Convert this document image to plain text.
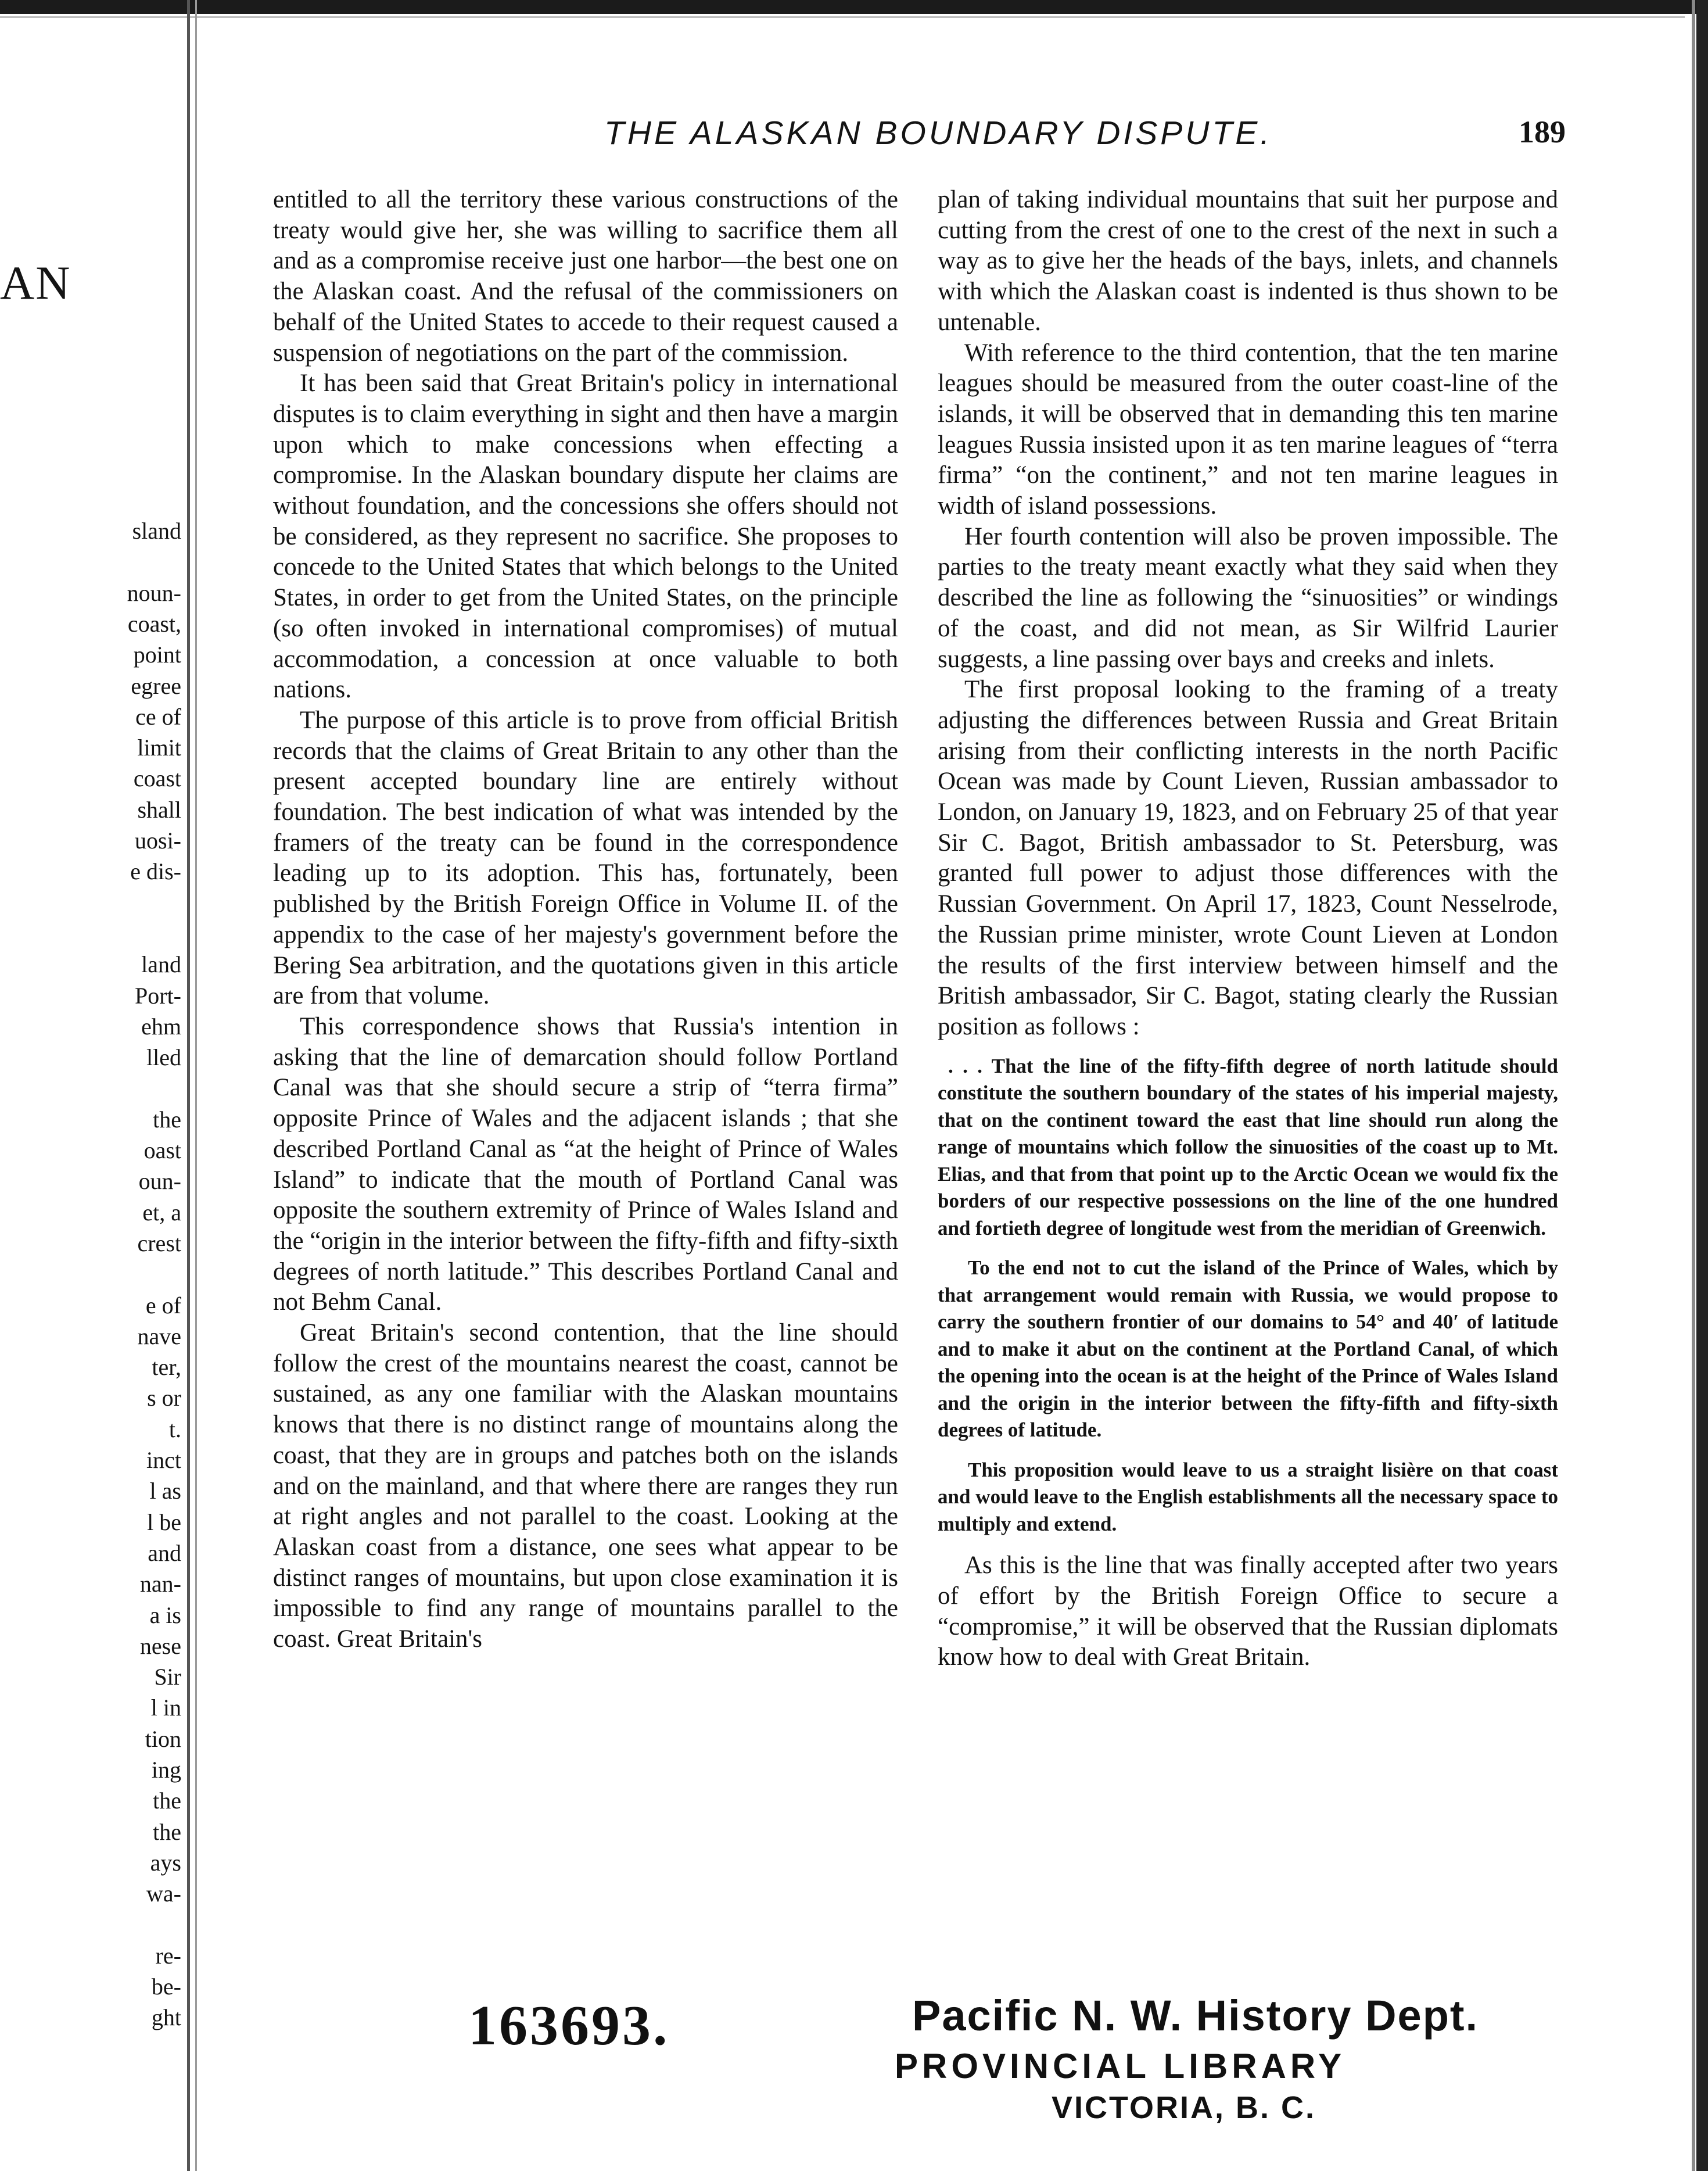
AN
sland
noun-
coast,
point
egree
ce of
limit
coast
shall
uosi-
e dis-
land
Port-
ehm
lled
the
oast
oun-
et, a
crest
e of
nave
ter,
s or
t.
inct
l as
l be
and
nan-
a is
nese
Sir
l in
tion
ing
the
the
ays
wa-
re-
be-
ght
THE ALASKAN BOUNDARY DISPUTE.	189

entitled to all the territory these various constructions of the treaty would give her, she was willing to sacrifice them all and as a compromise receive just one harbor—the best one on the Alaskan coast. And the refusal of the commissioners on behalf of the United States to accede to their request caused a suspension of negotiations on the part of the commission.

It has been said that Great Britain's policy in international disputes is to claim everything in sight and then have a margin upon which to make concessions when effecting a compromise. In the Alaskan boundary dispute her claims are without foundation, and the concessions she offers should not be considered, as they represent no sacrifice. She proposes to concede to the United States that which belongs to the United States, in order to get from the United States, on the principle (so often invoked in international compromises) of mutual accommodation, a concession at once valuable to both nations.

The purpose of this article is to prove from official British records that the claims of Great Britain to any other than the present accepted boundary line are entirely without foundation. The best indication of what was intended by the framers of the treaty can be found in the correspondence leading up to its adoption. This has, fortunately, been published by the British Foreign Office in Volume II. of the appendix to the case of her majesty's government before the Bering Sea arbitration, and the quotations given in this article are from that volume.

This correspondence shows that Russia's intention in asking that the line of demarcation should follow Portland Canal was that she should secure a strip of “terra firma” opposite Prince of Wales and the adjacent islands ; that she described Portland Canal as “at the height of Prince of Wales Island” to indicate that the mouth of Portland Canal was opposite the southern extremity of Prince of Wales Island and the “origin in the interior between the fifty-fifth and fifty-sixth degrees of north latitude.” This describes Portland Canal and not Behm Canal.

Great Britain's second contention, that the line should follow the crest of the mountains nearest the coast, cannot be sustained, as any one familiar with the Alaskan mountains knows that there is no distinct range of mountains along the coast, that they are in groups and patches both on the islands and on the mainland, and that where there are ranges they run at right angles and not parallel to the coast. Looking at the Alaskan coast from a distance, one sees what appear to be distinct ranges of mountains, but upon close examination it is impossible to find any range of mountains parallel to the coast. Great Britain's

plan of taking individual mountains that suit her purpose and cutting from the crest of one to the crest of the next in such a way as to give her the heads of the bays, inlets, and channels with which the Alaskan coast is indented is thus shown to be untenable.

With reference to the third contention, that the ten marine leagues should be measured from the outer coast-line of the islands, it will be observed that in demanding this ten marine leagues Russia insisted upon it as ten marine leagues of “terra firma” “on the continent,” and not ten marine leagues in width of island possessions.

Her fourth contention will also be proven impossible. The parties to the treaty meant exactly what they said when they described the line as following the “sinuosities” or windings of the coast, and did not mean, as Sir Wilfrid Laurier suggests, a line passing over bays and creeks and inlets.

The first proposal looking to the framing of a treaty adjusting the differences between Russia and Great Britain arising from their conflicting interests in the north Pacific Ocean was made by Count Lieven, Russian ambassador to London, on January 19, 1823, and on February 25 of that year Sir C. Bagot, British ambassador to St. Petersburg, was granted full power to adjust those differences with the Russian Government. On April 17, 1823, Count Nesselrode, the Russian prime minister, wrote Count Lieven at London the results of the first interview between himself and the British ambassador, Sir C. Bagot, stating clearly the Russian position as follows :

. . . That the line of the fifty-fifth degree of north latitude should constitute the southern boundary of the states of his imperial majesty, that on the continent toward the east that line should run along the range of mountains which follow the sinuosities of the coast up to Mt. Elias, and that from that point up to the Arctic Ocean we would fix the borders of our respective possessions on the line of the one hundred and fortieth degree of longitude west from the meridian of Greenwich.

To the end not to cut the island of the Prince of Wales, which by that arrangement would remain with Russia, we would propose to carry the southern frontier of our domains to 54° and 40′ of latitude and to make it abut on the continent at the Portland Canal, of which the opening into the ocean is at the height of the Prince of Wales Island and the origin in the interior between the fifty-fifth and fifty-sixth degrees of latitude.

This proposition would leave to us a straight lisière on that coast and would leave to the English establishments all the necessary space to multiply and extend.

As this is the line that was finally accepted after two years of effort by the British Foreign Office to secure a “compromise,” it will be observed that the Russian diplomats know how to deal with Great Britain.

163693.	Pacific N. W. History Dept.
PROVINCIAL LIBRARY
VICTORIA, B. C.
